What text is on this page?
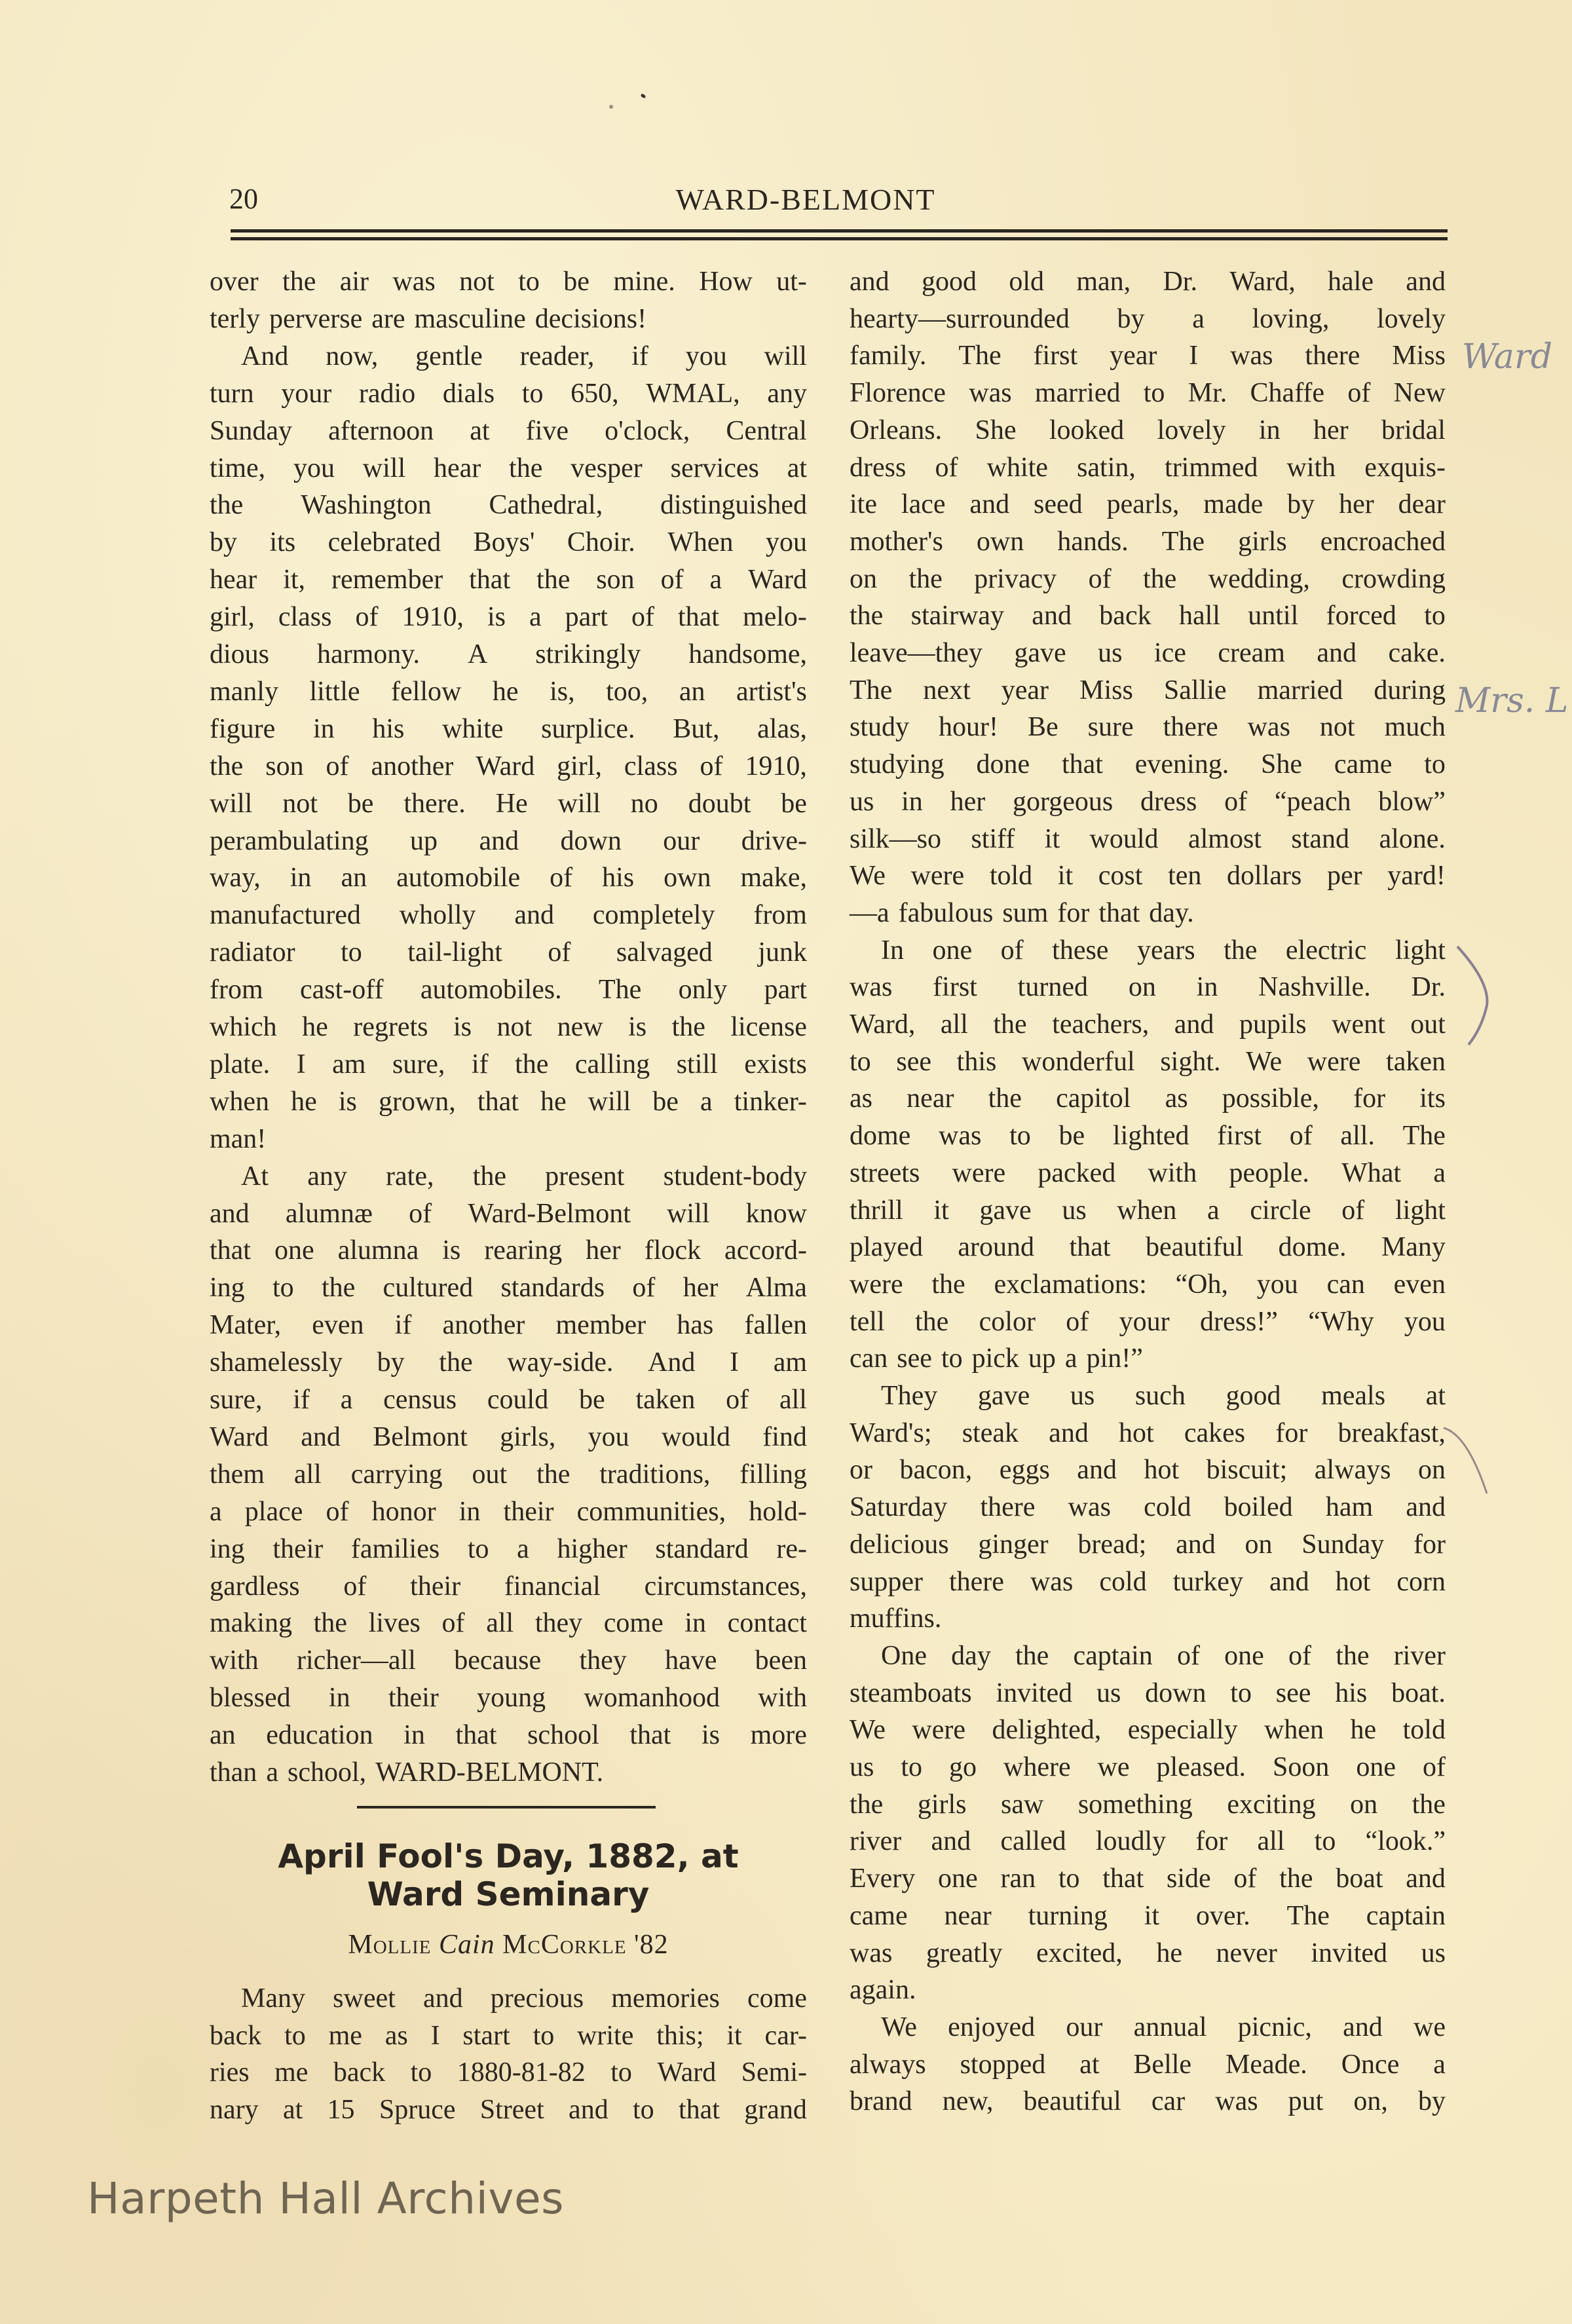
20	WARD-BELMONT
over the air was not to be mine. How ut-
terly perverse are masculine decisions!
And now, gentle reader, if you will
turn your radio dials to 650, WMAL, any
Sunday afternoon at five o'clock, Central
time, you will hear the vesper services at
the Washington Cathedral, distinguished
by its celebrated Boys' Choir. When you
hear it, remember that the son of a Ward
girl, class of 1910, is a part of that melo-
dious harmony. A strikingly handsome,
manly little fellow he is, too, an artist's
figure in his white surplice. But, alas,
the son of another Ward girl, class of 1910,
will not be there. He will no doubt be
perambulating up and down our drive-
way, in an automobile of his own make,
manufactured wholly and completely from
radiator to tail-light of salvaged junk
from cast-off automobiles. The only part
which he regrets is not new is the license
plate. I am sure, if the calling still exists
when he is grown, that he will be a tinker-
man!
At any rate, the present student-body
and alumnæ of Ward-Belmont will know
that one alumna is rearing her flock accord-
ing to the cultured standards of her Alma
Mater, even if another member has fallen
shamelessly by the way-side. And I am
sure, if a census could be taken of all
Ward and Belmont girls, you would find
them all carrying out the traditions, filling
a place of honor in their communities, hold-
ing their families to a higher standard re-
gardless of their financial circumstances,
making the lives of all they come in contact
with richer—all because they have been
blessed in their young womanhood with
an education in that school that is more
than a school, WARD-BELMONT.
April Fool's Day, 1882, at
Ward Seminary
Mollie Cain McCorkle '82
Many sweet and precious memories come
back to me as I start to write this; it car-
ries me back to 1880-81-82 to Ward Semi-
nary at 15 Spruce Street and to that grand
and good old man, Dr. Ward, hale and
hearty—surrounded by a loving, lovely
family. The first year I was there Miss
Florence was married to Mr. Chaffe of New
Orleans. She looked lovely in her bridal
dress of white satin, trimmed with exquis-
ite lace and seed pearls, made by her dear
mother's own hands. The girls encroached
on the privacy of the wedding, crowding
the stairway and back hall until forced to
leave—they gave us ice cream and cake.
The next year Miss Sallie married during
study hour! Be sure there was not much
studying done that evening. She came to
us in her gorgeous dress of “peach blow”
silk—so stiff it would almost stand alone.
We were told it cost ten dollars per yard!
—a fabulous sum for that day.
In one of these years the electric light
was first turned on in Nashville. Dr.
Ward, all the teachers, and pupils went out
to see this wonderful sight. We were taken
as near the capitol as possible, for its
dome was to be lighted first of all. The
streets were packed with people. What a
thrill it gave us when a circle of light
played around that beautiful dome. Many
were the exclamations: “Oh, you can even
tell the color of your dress!” “Why you
can see to pick up a pin!”
They gave us such good meals at
Ward's; steak and hot cakes for breakfast,
or bacon, eggs and hot biscuit; always on
Saturday there was cold boiled ham and
delicious ginger bread; and on Sunday for
supper there was cold turkey and hot corn
muffins.
One day the captain of one of the river
steamboats invited us down to see his boat.
We were delighted, especially when he told
us to go where we pleased. Soon one of
the girls saw something exciting on the
river and called loudly for all to “look.”
Every one ran to that side of the boat and
came near turning it over. The captain
was greatly excited, he never invited us
again.
We enjoyed our annual picnic, and we
always stopped at Belle Meade. Once a
brand new, beautiful car was put on, by
Ward
Mrs. L
Harpeth Hall Archives
